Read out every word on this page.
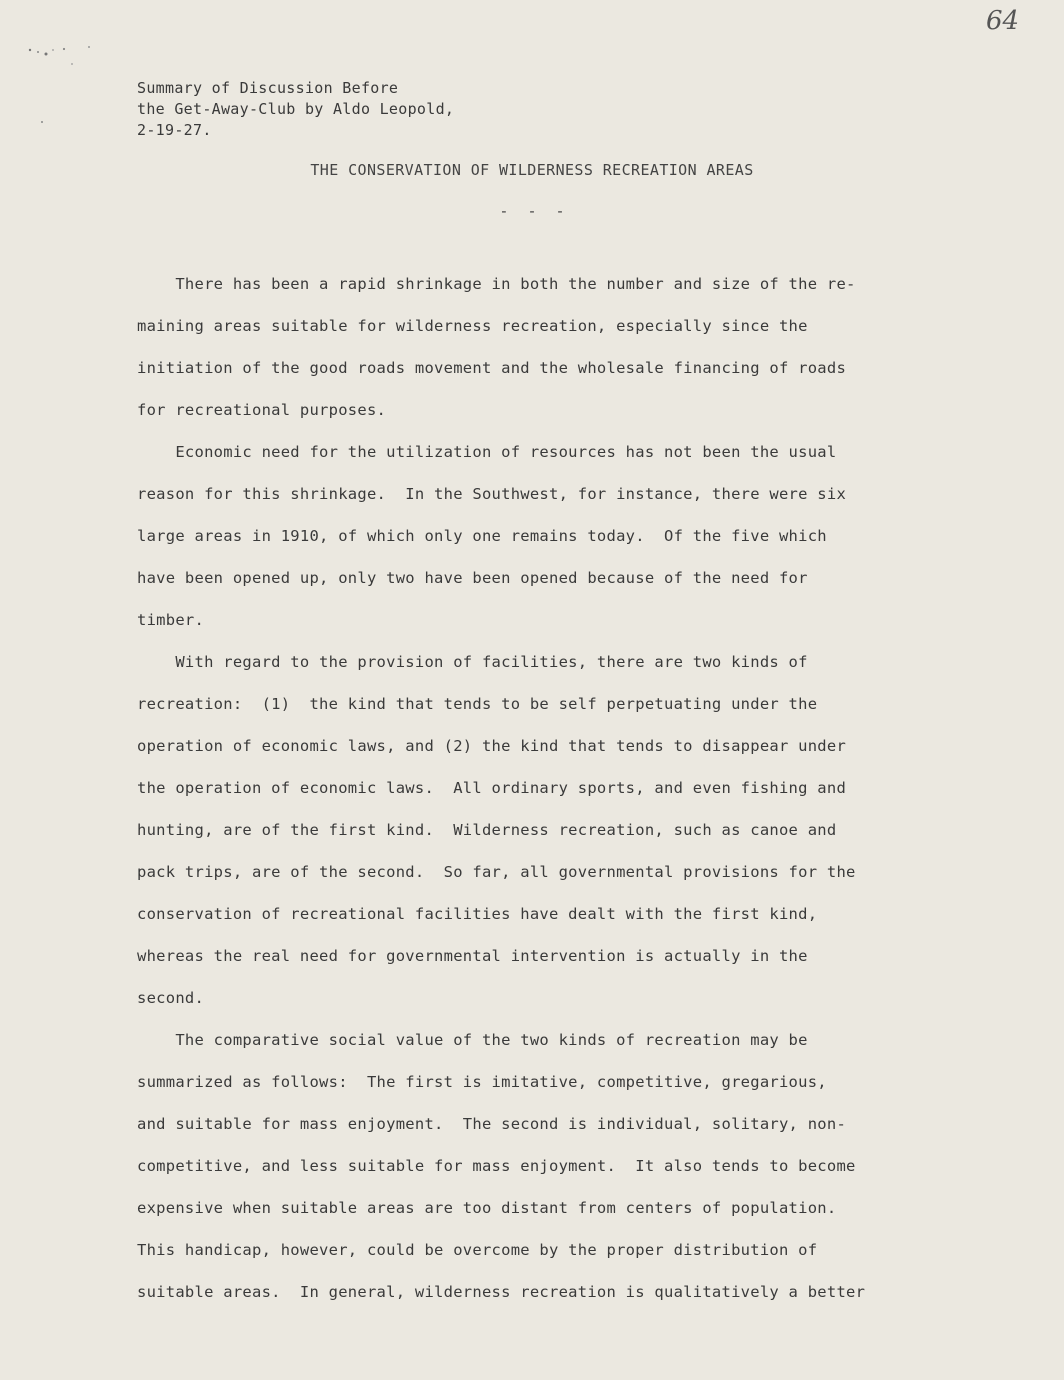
64
Summary of Discussion Before
the Get-Away-Club by Aldo Leopold,
2-19-27.
THE CONSERVATION OF WILDERNESS RECREATION AREAS
- - -
There has been a rapid shrinkage in both the number and size of the re-
maining areas suitable for wilderness recreation, especially since the
initiation of the good roads movement and the wholesale financing of roads
for recreational purposes.
Economic need for the utilization of resources has not been the usual
reason for this shrinkage.  In the Southwest, for instance, there were six
large areas in 1910, of which only one remains today.  Of the five which
have been opened up, only two have been opened because of the need for
timber.
With regard to the provision of facilities, there are two kinds of
recreation:  (1)  the kind that tends to be self perpetuating under the
operation of economic laws, and (2) the kind that tends to disappear under
the operation of economic laws.  All ordinary sports, and even fishing and
hunting, are of the first kind.  Wilderness recreation, such as canoe and
pack trips, are of the second.  So far, all governmental provisions for the
conservation of recreational facilities have dealt with the first kind,
whereas the real need for governmental intervention is actually in the
second.
The comparative social value of the two kinds of recreation may be
summarized as follows:  The first is imitative, competitive, gregarious,
and suitable for mass enjoyment.  The second is individual, solitary, non-
competitive, and less suitable for mass enjoyment.  It also tends to become
expensive when suitable areas are too distant from centers of population.
This handicap, however, could be overcome by the proper distribution of
suitable areas.  In general, wilderness recreation is qualitatively a better
